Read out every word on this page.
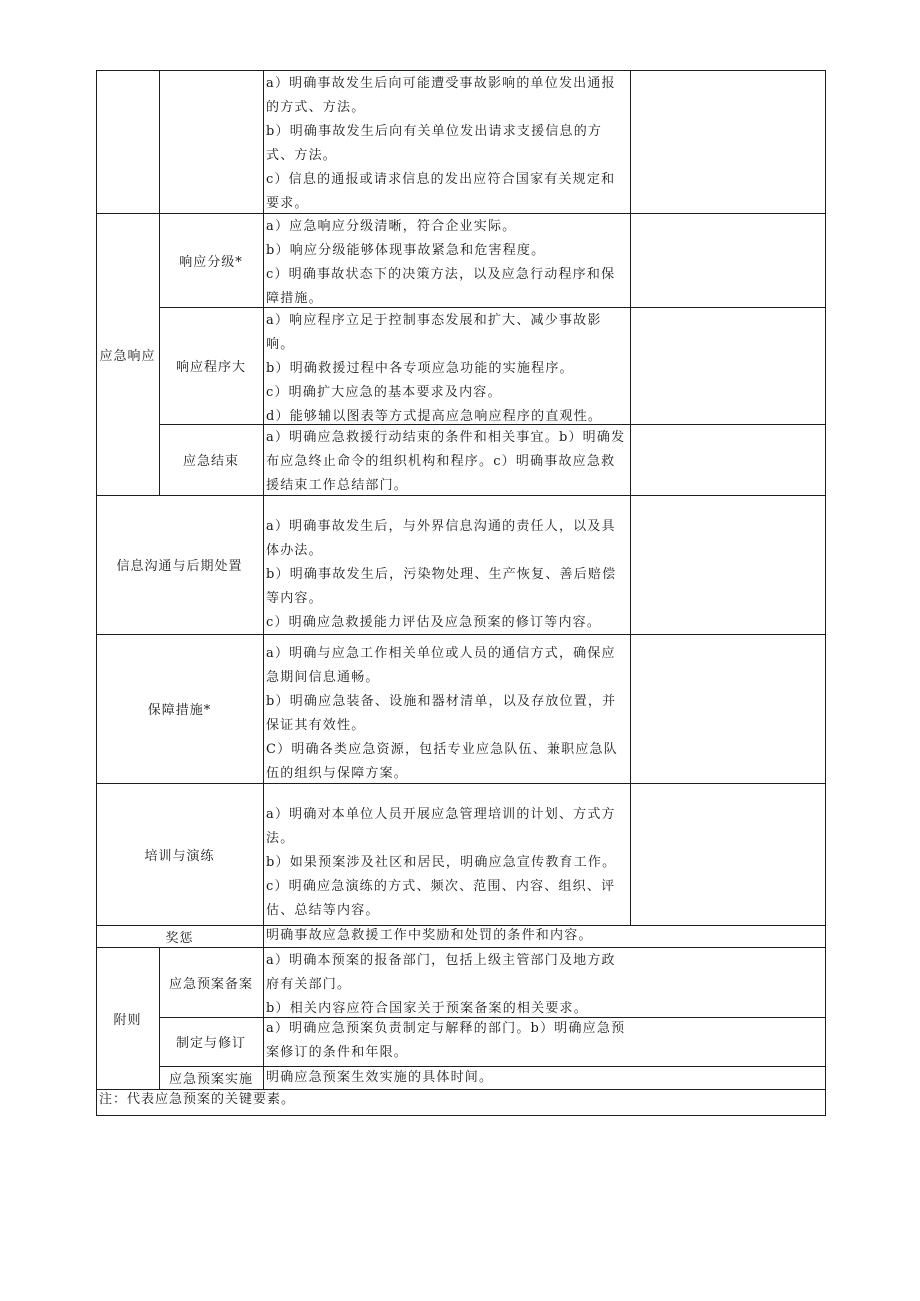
a）明确事故发生后向可能遭受事故影响的单位发出通报的方式、方法。

b）明确事故发生后向有关单位发出请求支援信息的方式、方法。

c）信息的通报或请求信息的发出应符合国家有关规定和要求。

应急响应
响应分级*

a）应急响应分级清晰，符合企业实际。

b）响应分级能够体现事故紧急和危害程度。

c）明确事故状态下的决策方法，以及应急行动程序和保障措施。

响应程序大

a）响应程序立足于控制事态发展和扩大、减少事故影响。

b）明确救援过程中各专项应急功能的实施程序。

c）明确扩大应急的基本要求及内容。

d）能够辅以图表等方式提高应急响应程序的直观性。

应急结束

a）明确应急救援行动结束的条件和相关事宜。b）明确发布应急终止命令的组织机构和程序。c）明确事故应急救援结束工作总结部门。

信息沟通与后期处置

a）明确事故发生后，与外界信息沟通的责任人，以及具体办法。

b）明确事故发生后，污染物处理、生产恢复、善后赔偿等内容。

c）明确应急救援能力评估及应急预案的修订等内容。

保障措施*

a）明确与应急工作相关单位或人员的通信方式，确保应急期间信息通畅。

b）明确应急装备、设施和器材清单，以及存放位置，并保证其有效性。

C）明确各类应急资源，包括专业应急队伍、兼职应急队伍的组织与保障方案。

培训与演练

a）明确对本单位人员开展应急管理培训的计划、方式方法。

b）如果预案涉及社区和居民，明确应急宣传教育工作。

c）明确应急演练的方式、频次、范围、内容、组织、评估、总结等内容。

奖惩	明确事故应急救援工作中奖励和处罚的条件和内容。

附则
应急预案备案

a）明确本预案的报备部门，包括上级主管部门及地方政府有关部门。

b）相关内容应符合国家关于预案备案的相关要求。

制定与修订

a）明确应急预案负责制定与解释的部门。b）明确应急预案修订的条件和年限。

应急预案实施 明确应急预案生效实施的具体时间。

注：代表应急预案的关键要素。
